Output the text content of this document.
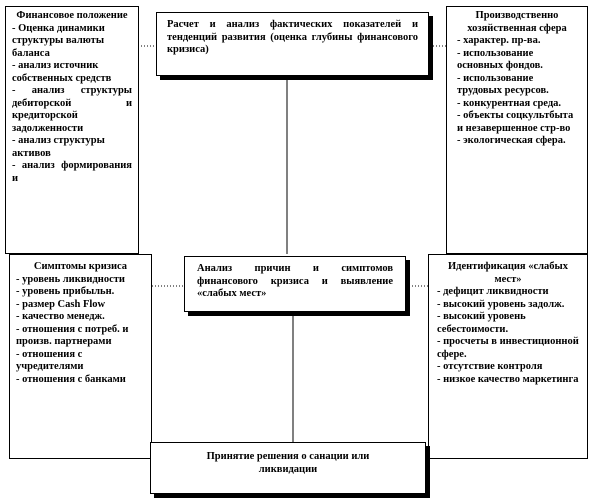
Финансовое положение
- Оценка динамики структуры валюты баланса
- анализ источник собственных средств
- анализ структуры дебиторской и кредиторской задолженности
- анализ структуры активов
- анализ формирования и
Расчет и анализ фактических показателей и тенденций развития (оценка глубины финансового кризиса)
Производственно хозяйственная сфера
- характер. пр-ва.
- использование основных фондов.
- использование трудовых ресурсов.
- конкурентная среда.
- объекты соцкультбыта и незавершенное стр-во
- экологическая сфера.
Симптомы кризиса
- уровень ликвидности
- уровень прибыльн.
- размер Cash Flow
- качество менедж.
- отношения с потреб. и произв. партнерами
- отношения с учредителями
- отношения с банками
Анализ причин и симптомов финансового кризиса и выявление «слабых мест»
Идентификация «слабых мест»
- дефицит ликвидности
- высокий уровень задолж.
- высокий уровень себестоимости.
- просчеты в инвестиционной сфере.
- отсутствие контроля
- низкое качество маркетинга
Принятие решения о санации или ликвидации
